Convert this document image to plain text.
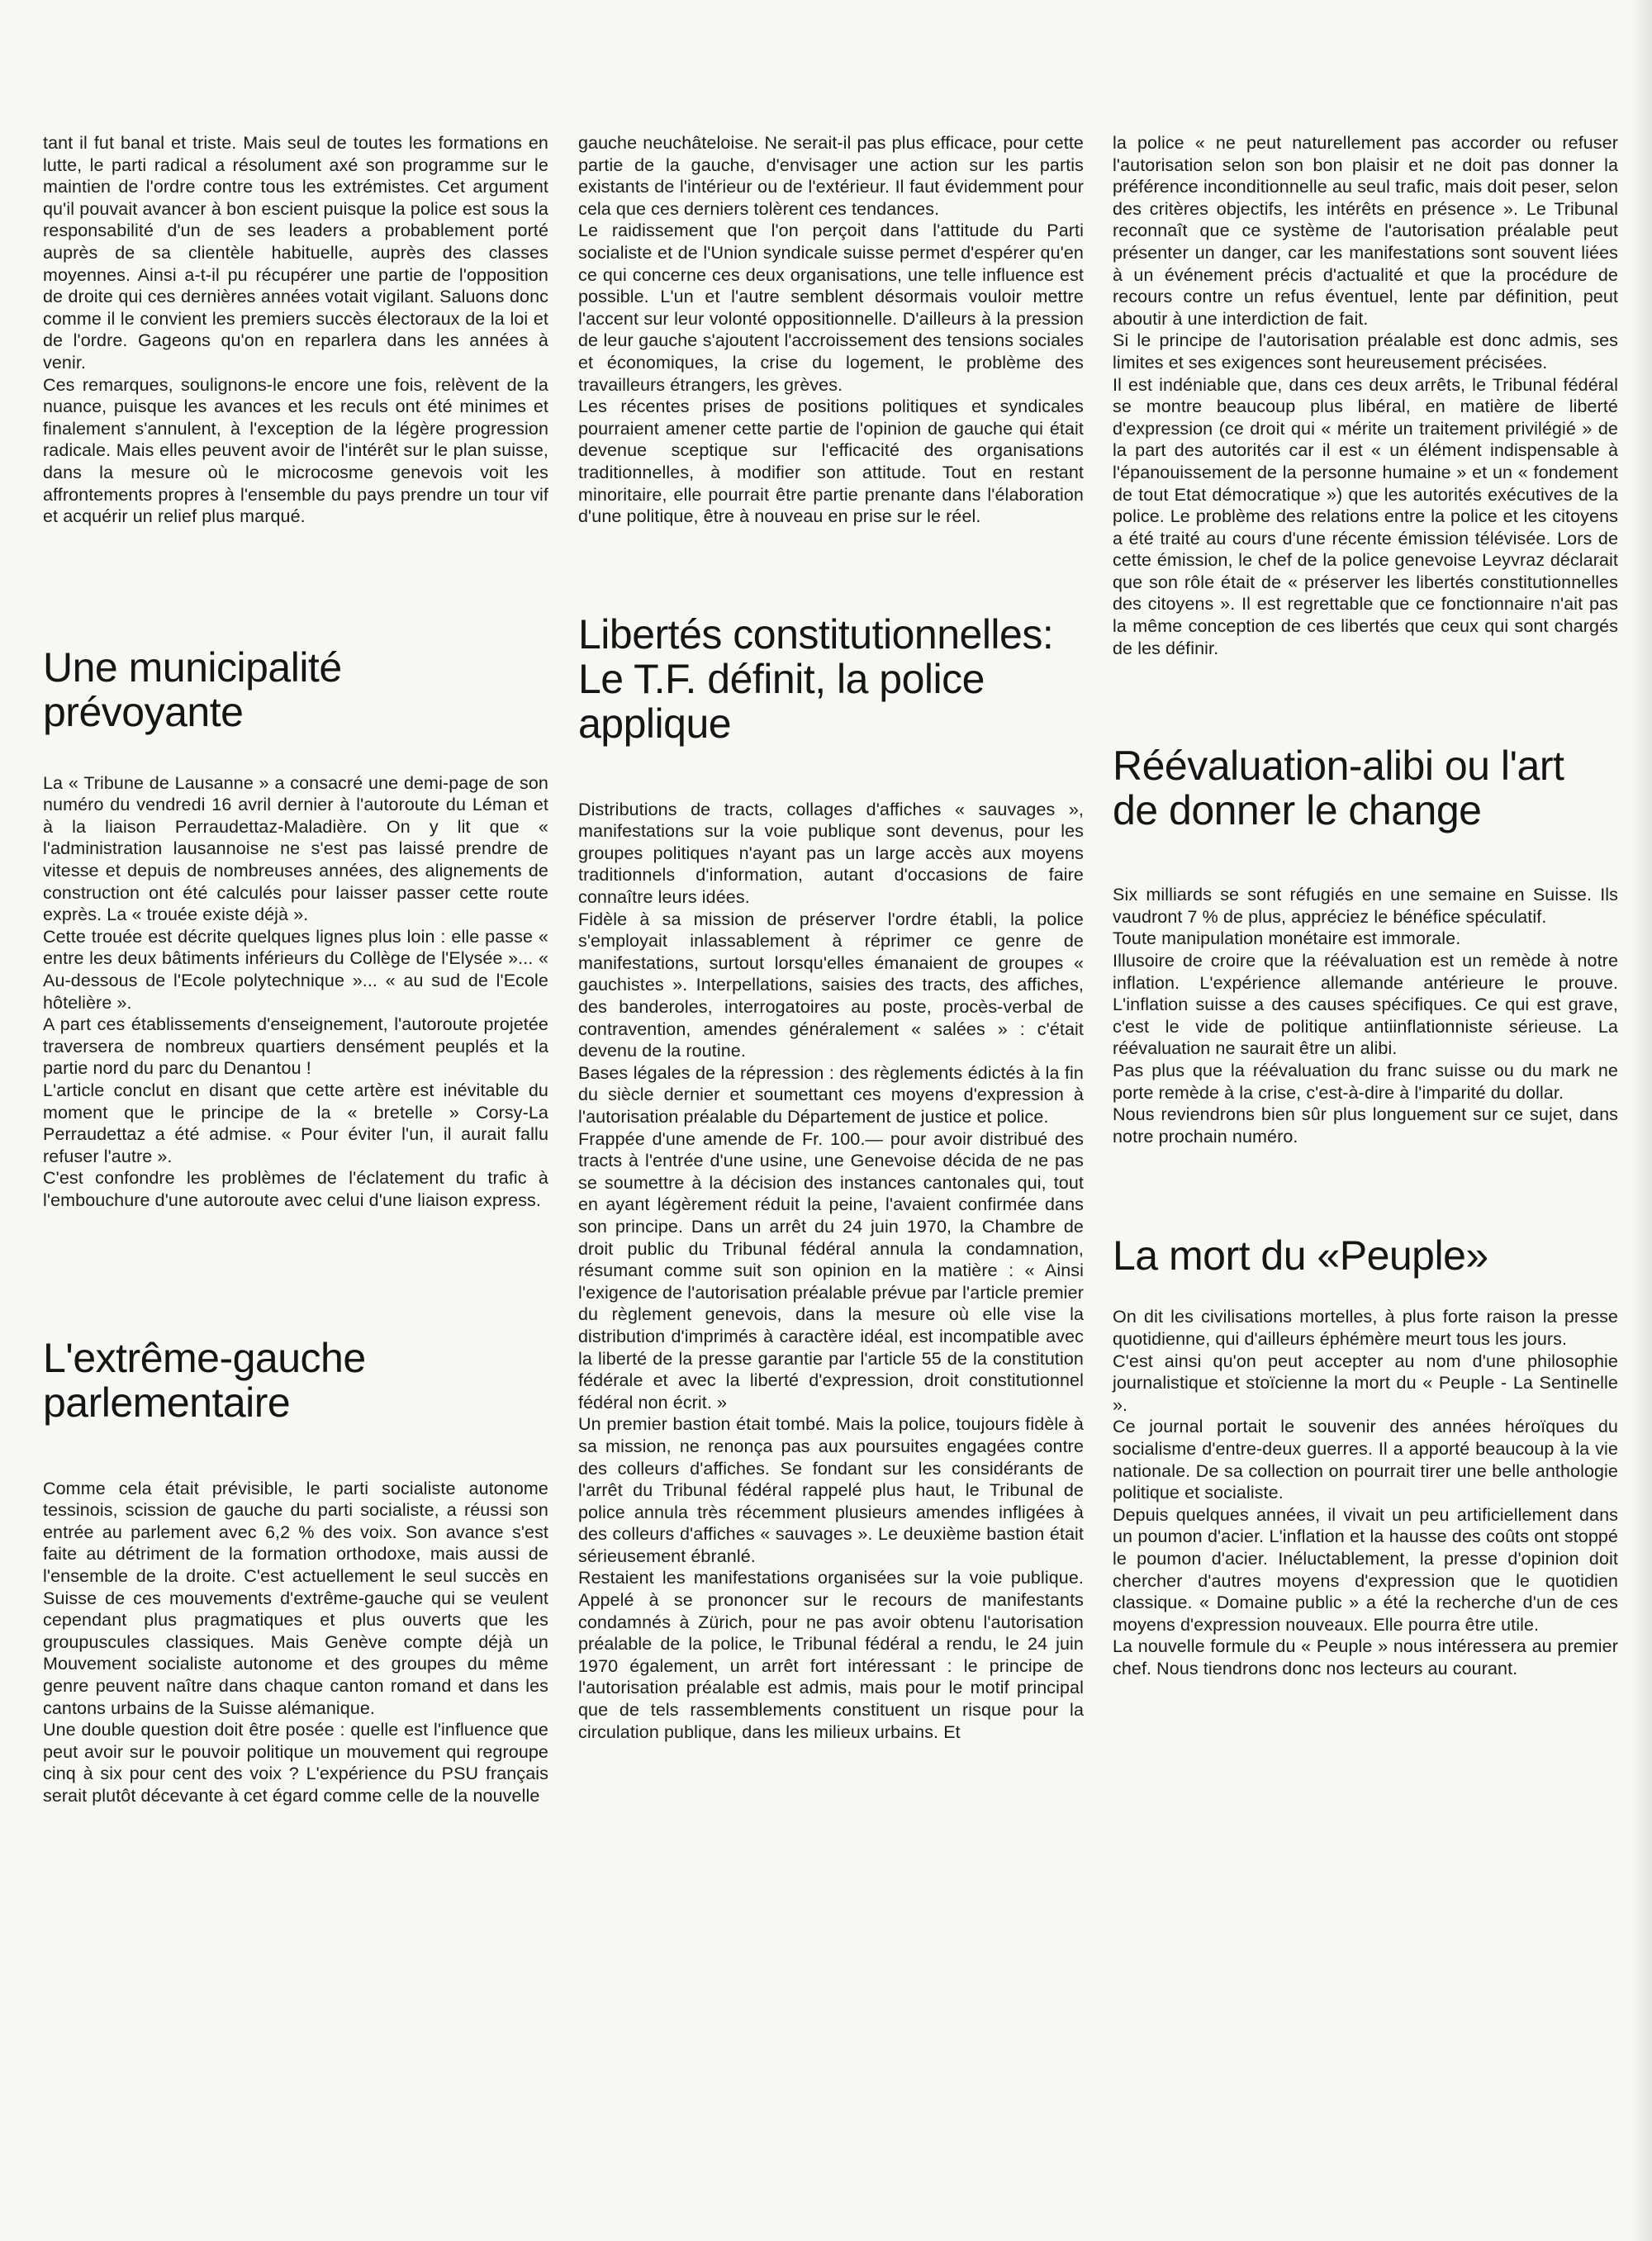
tant il fut banal et triste. Mais seul de toutes les formations en lutte, le parti radical a résolument axé son programme sur le maintien de l'ordre contre tous les extrémistes. Cet argument qu'il pouvait avancer à bon escient puisque la police est sous la responsabilité d'un de ses leaders a probablement porté auprès de sa clientèle habituelle, auprès des classes moyennes. Ainsi a-t-il pu récupérer une partie de l'opposition de droite qui ces dernières années votait vigilant. Saluons donc comme il le convient les premiers succès électoraux de la loi et de l'ordre. Gageons qu'on en reparlera dans les années à venir.

Ces remarques, soulignons-le encore une fois, relèvent de la nuance, puisque les avances et les reculs ont été minimes et finalement s'annulent, à l'exception de la légère progression radicale. Mais elles peuvent avoir de l'intérêt sur le plan suisse, dans la mesure où le microcosme genevois voit les affrontements propres à l'ensemble du pays prendre un tour vif et acquérir un relief plus marqué.

Une municipalité prévoyante

La « Tribune de Lausanne » a consacré une demi-page de son numéro du vendredi 16 avril dernier à l'autoroute du Léman et à la liaison Perraudettaz-Maladière. On y lit que « l'administration lausannoise ne s'est pas laissé prendre de vitesse et depuis de nombreuses années, des alignements de construction ont été calculés pour laisser passer cette route exprès. La « trouée existe déjà ».

Cette trouée est décrite quelques lignes plus loin : elle passe « entre les deux bâtiments inférieurs du Collège de l'Elysée »... « Au-dessous de l'Ecole polytechnique »... « au sud de l'Ecole hôtelière ».

A part ces établissements d'enseignement, l'autoroute projetée traversera de nombreux quartiers densément peuplés et la partie nord du parc du Denantou !

L'article conclut en disant que cette artère est inévitable du moment que le principe de la « bretelle » Corsy-La Perraudettaz a été admise. « Pour éviter l'un, il aurait fallu refuser l'autre ».

C'est confondre les problèmes de l'éclatement du trafic à l'embouchure d'une autoroute avec celui d'une liaison express.

L'extrême-gauche parlementaire

Comme cela était prévisible, le parti socialiste autonome tessinois, scission de gauche du parti socialiste, a réussi son entrée au parlement avec 6,2 % des voix. Son avance s'est faite au détriment de la formation orthodoxe, mais aussi de l'ensemble de la droite. C'est actuellement le seul succès en Suisse de ces mouvements d'extrême-gauche qui se veulent cependant plus pragmatiques et plus ouverts que les groupuscules classiques. Mais Genève compte déjà un Mouvement socialiste autonome et des groupes du même genre peuvent naître dans chaque canton romand et dans les cantons urbains de la Suisse alémanique.

Une double question doit être posée : quelle est l'influence que peut avoir sur le pouvoir politique un mouvement qui regroupe cinq à six pour cent des voix ? L'expérience du PSU français serait plutôt décevante à cet égard comme celle de la nouvelle

gauche neuchâteloise. Ne serait-il pas plus efficace, pour cette partie de la gauche, d'envisager une action sur les partis existants de l'intérieur ou de l'extérieur. Il faut évidemment pour cela que ces derniers tolèrent ces tendances.

Le raidissement que l'on perçoit dans l'attitude du Parti socialiste et de l'Union syndicale suisse permet d'espérer qu'en ce qui concerne ces deux organisations, une telle influence est possible. L'un et l'autre semblent désormais vouloir mettre l'accent sur leur volonté oppositionnelle. D'ailleurs à la pression de leur gauche s'ajoutent l'accroissement des tensions sociales et économiques, la crise du logement, le problème des travailleurs étrangers, les grèves.

Les récentes prises de positions politiques et syndicales pourraient amener cette partie de l'opinion de gauche qui était devenue sceptique sur l'efficacité des organisations traditionnelles, à modifier son attitude. Tout en restant minoritaire, elle pourrait être partie prenante dans l'élaboration d'une politique, être à nouveau en prise sur le réel.

Libertés constitutionnelles: Le T.F. définit, la police applique

Distributions de tracts, collages d'affiches « sauvages », manifestations sur la voie publique sont devenus, pour les groupes politiques n'ayant pas un large accès aux moyens traditionnels d'information, autant d'occasions de faire connaître leurs idées.

Fidèle à sa mission de préserver l'ordre établi, la police s'employait inlassablement à réprimer ce genre de manifestations, surtout lorsqu'elles émanaient de groupes « gauchistes ». Interpellations, saisies des tracts, des affiches, des banderoles, interrogatoires au poste, procès-verbal de contravention, amendes généralement « salées » : c'était devenu de la routine.

Bases légales de la répression : des règlements édictés à la fin du siècle dernier et soumettant ces moyens d'expression à l'autorisation préalable du Département de justice et police.

Frappée d'une amende de Fr. 100.— pour avoir distribué des tracts à l'entrée d'une usine, une Genevoise décida de ne pas se soumettre à la décision des instances cantonales qui, tout en ayant légèrement réduit la peine, l'avaient confirmée dans son principe. Dans un arrêt du 24 juin 1970, la Chambre de droit public du Tribunal fédéral annula la condamnation, résumant comme suit son opinion en la matière : « Ainsi l'exigence de l'autorisation préalable prévue par l'article premier du règlement genevois, dans la mesure où elle vise la distribution d'imprimés à caractère idéal, est incompatible avec la liberté de la presse garantie par l'article 55 de la constitution fédérale et avec la liberté d'expression, droit constitutionnel fédéral non écrit. »

Un premier bastion était tombé. Mais la police, toujours fidèle à sa mission, ne renonça pas aux poursuites engagées contre des colleurs d'affiches. Se fondant sur les considérants de l'arrêt du Tribunal fédéral rappelé plus haut, le Tribunal de police annula très récemment plusieurs amendes infligées à des colleurs d'affiches « sauvages ». Le deuxième bastion était sérieusement ébranlé.

Restaient les manifestations organisées sur la voie publique. Appelé à se prononcer sur le recours de manifestants condamnés à Zürich, pour ne pas avoir obtenu l'autorisation préalable de la police, le Tribunal fédéral a rendu, le 24 juin 1970 également, un arrêt fort intéressant : le principe de l'autorisation préalable est admis, mais pour le motif principal que de tels rassemblements constituent un risque pour la circulation publique, dans les milieux urbains. Et

la police « ne peut naturellement pas accorder ou refuser l'autorisation selon son bon plaisir et ne doit pas donner la préférence inconditionnelle au seul trafic, mais doit peser, selon des critères objectifs, les intérêts en présence ». Le Tribunal reconnaît que ce système de l'autorisation préalable peut présenter un danger, car les manifestations sont souvent liées à un événement précis d'actualité et que la procédure de recours contre un refus éventuel, lente par définition, peut aboutir à une interdiction de fait.

Si le principe de l'autorisation préalable est donc admis, ses limites et ses exigences sont heureusement précisées.

Il est indéniable que, dans ces deux arrêts, le Tribunal fédéral se montre beaucoup plus libéral, en matière de liberté d'expression (ce droit qui « mérite un traitement privilégié » de la part des autorités car il est « un élément indispensable à l'épanouissement de la personne humaine » et un « fondement de tout Etat démocratique ») que les autorités exécutives de la police. Le problème des relations entre la police et les citoyens a été traité au cours d'une récente émission télévisée. Lors de cette émission, le chef de la police genevoise Leyvraz déclarait que son rôle était de « préserver les libertés constitutionnelles des citoyens ». Il est regrettable que ce fonctionnaire n'ait pas la même conception de ces libertés que ceux qui sont chargés de les définir.

Réévaluation-alibi ou l'art de donner le change

Six milliards se sont réfugiés en une semaine en Suisse. Ils vaudront 7 % de plus, appréciez le bénéfice spéculatif.

Toute manipulation monétaire est immorale.

Illusoire de croire que la réévaluation est un remède à notre inflation. L'expérience allemande antérieure le prouve. L'inflation suisse a des causes spécifiques. Ce qui est grave, c'est le vide de politique antiinflationniste sérieuse. La réévaluation ne saurait être un alibi.

Pas plus que la réévaluation du franc suisse ou du mark ne porte remède à la crise, c'est-à-dire à l'imparité du dollar.

Nous reviendrons bien sûr plus longuement sur ce sujet, dans notre prochain numéro.

La mort du «Peuple»

On dit les civilisations mortelles, à plus forte raison la presse quotidienne, qui d'ailleurs éphémère meurt tous les jours.

C'est ainsi qu'on peut accepter au nom d'une philosophie journalistique et stoïcienne la mort du « Peuple - La Sentinelle ».

Ce journal portait le souvenir des années héroïques du socialisme d'entre-deux guerres. Il a apporté beaucoup à la vie nationale. De sa collection on pourrait tirer une belle anthologie politique et socialiste.

Depuis quelques années, il vivait un peu artificiellement dans un poumon d'acier. L'inflation et la hausse des coûts ont stoppé le poumon d'acier. Inéluctablement, la presse d'opinion doit chercher d'autres moyens d'expression que le quotidien classique. « Domaine public » a été la recherche d'un de ces moyens d'expression nouveaux. Elle pourra être utile.

La nouvelle formule du « Peuple » nous intéressera au premier chef. Nous tiendrons donc nos lecteurs au courant.
